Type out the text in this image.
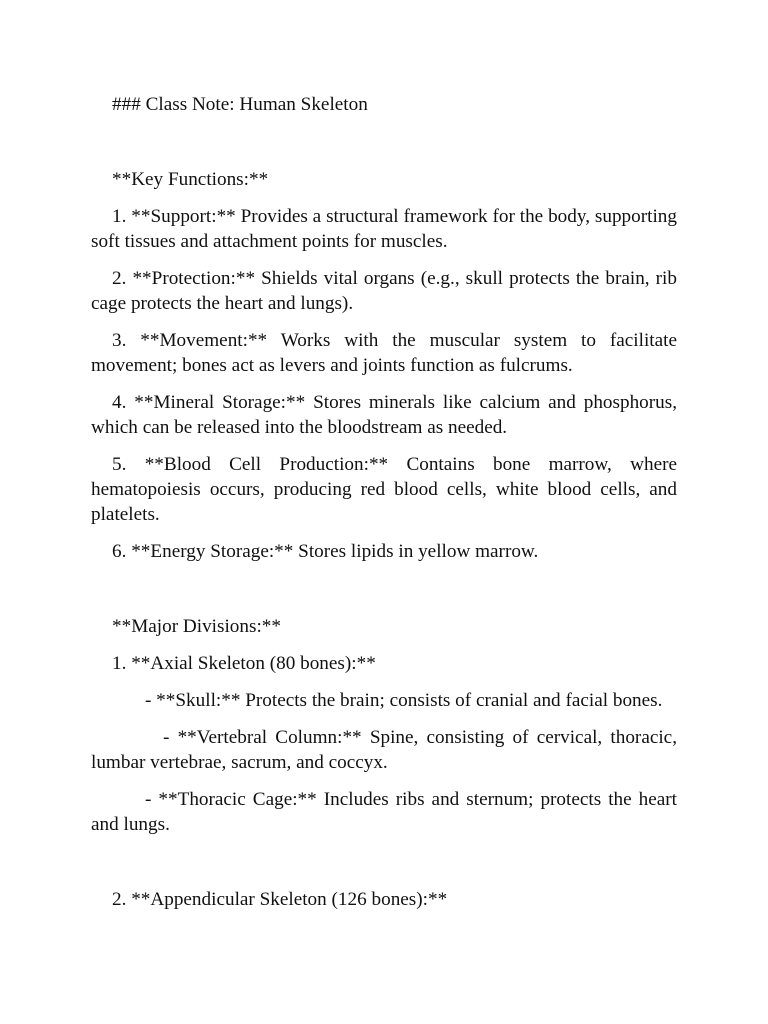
### Class Note: Human Skeleton

**Key Functions:**

1. **Support:** Provides a structural framework for the body, supporting soft tissues and attachment points for muscles.

2. **Protection:** Shields vital organs (e.g., skull protects the brain, rib cage protects the heart and lungs).

3. **Movement:** Works with the muscular system to facilitate movement; bones act as levers and joints function as fulcrums.

4. **Mineral Storage:** Stores minerals like calcium and phosphorus, which can be released into the bloodstream as needed.

5. **Blood Cell Production:** Contains bone marrow, where hematopoiesis occurs, producing red blood cells, white blood cells, and platelets.

6. **Energy Storage:** Stores lipids in yellow marrow.

**Major Divisions:**

1. **Axial Skeleton (80 bones):**

- **Skull:** Protects the brain; consists of cranial and facial bones.

- **Vertebral Column:** Spine, consisting of cervical, thoracic, lumbar vertebrae, sacrum, and coccyx.

- **Thoracic Cage:** Includes ribs and sternum; protects the heart and lungs.

2. **Appendicular Skeleton (126 bones):**
